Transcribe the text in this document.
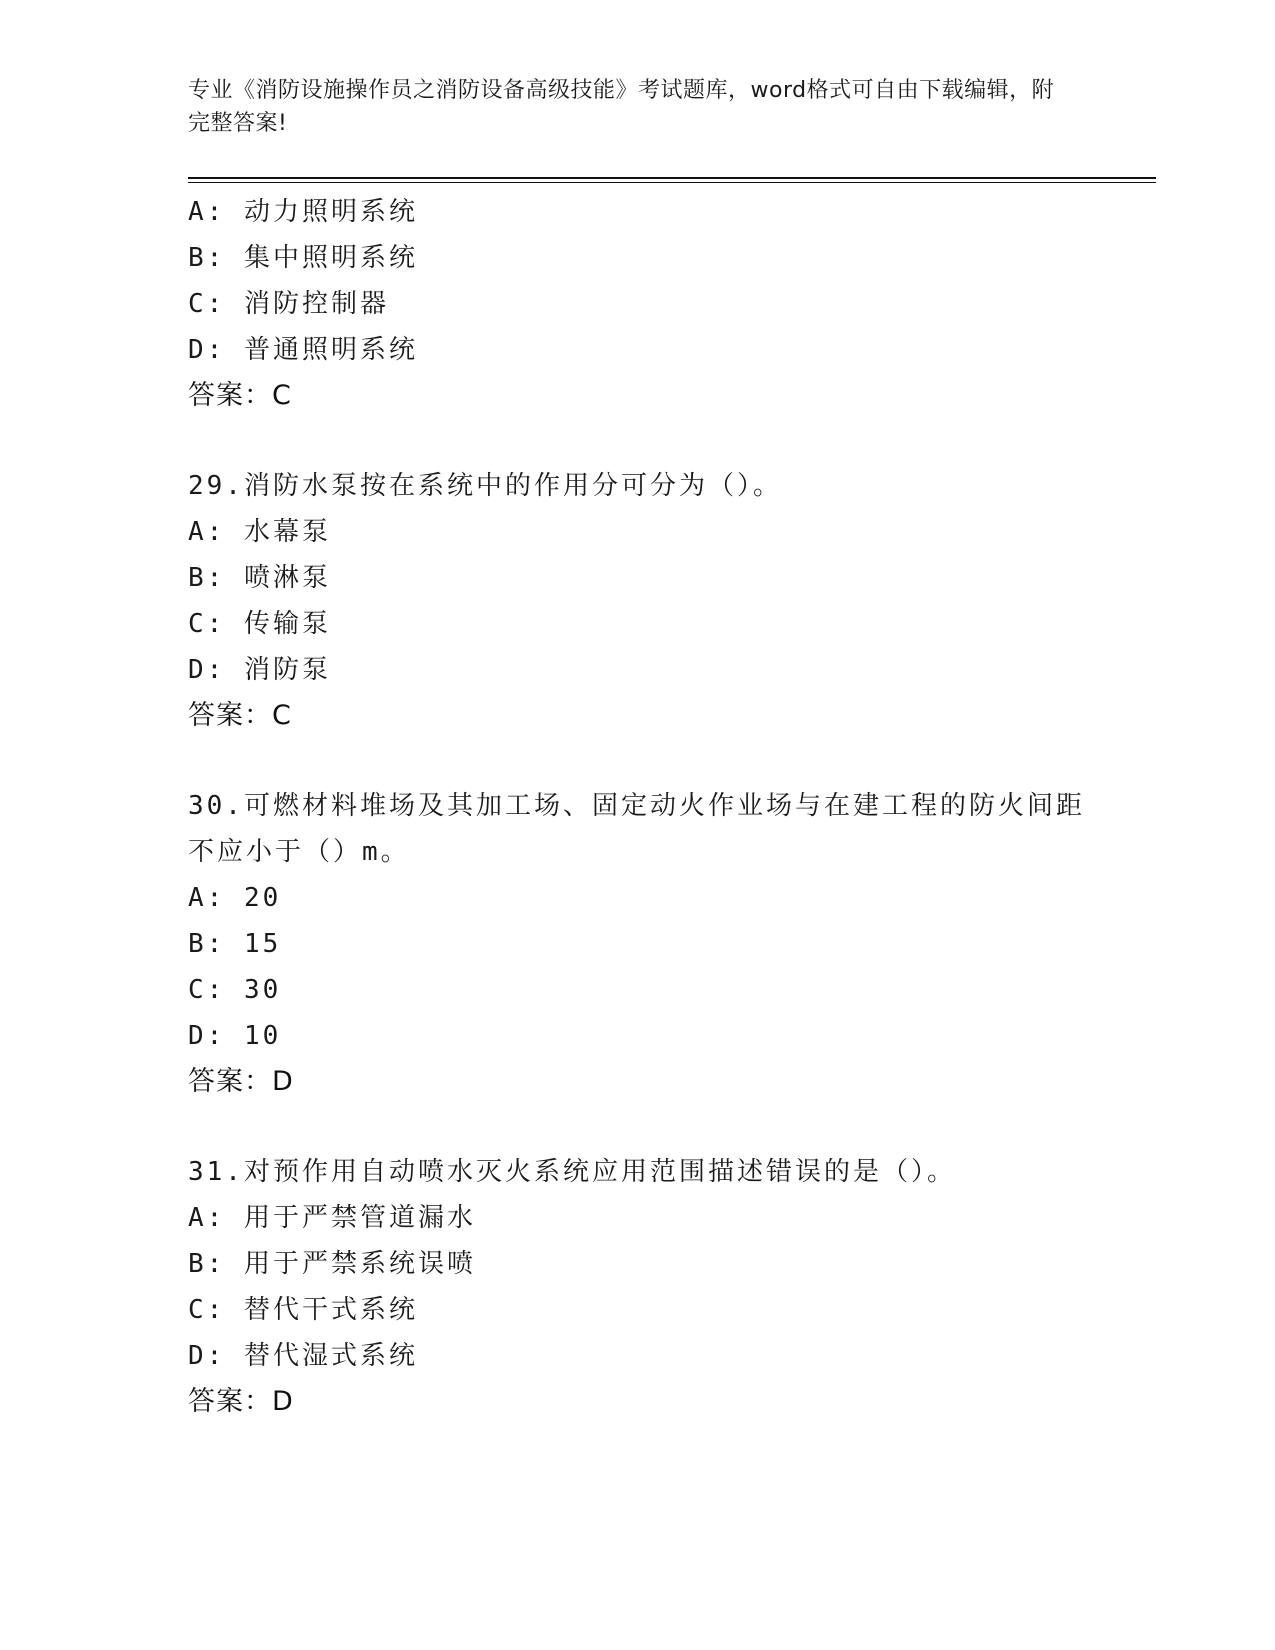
专业《消防设施操作员之消防设备高级技能》考试题库，word格式可自由下载编辑，附完整答案!
A: 动力照明系统
B: 集中照明系统
C: 消防控制器
D: 普通照明系统
答案：C
29.消防水泵按在系统中的作用分可分为（）。
A: 水幕泵
B: 喷淋泵
C: 传输泵
D: 消防泵
答案：C
30.可燃材料堆场及其加工场、固定动火作业场与在建工程的防火间距
不应小于（）m。
A: 20
B: 15
C: 30
D: 10
答案：D
31.对预作用自动喷水灭火系统应用范围描述错误的是（）。
A: 用于严禁管道漏水
B: 用于严禁系统误喷
C: 替代干式系统
D: 替代湿式系统
答案：D
